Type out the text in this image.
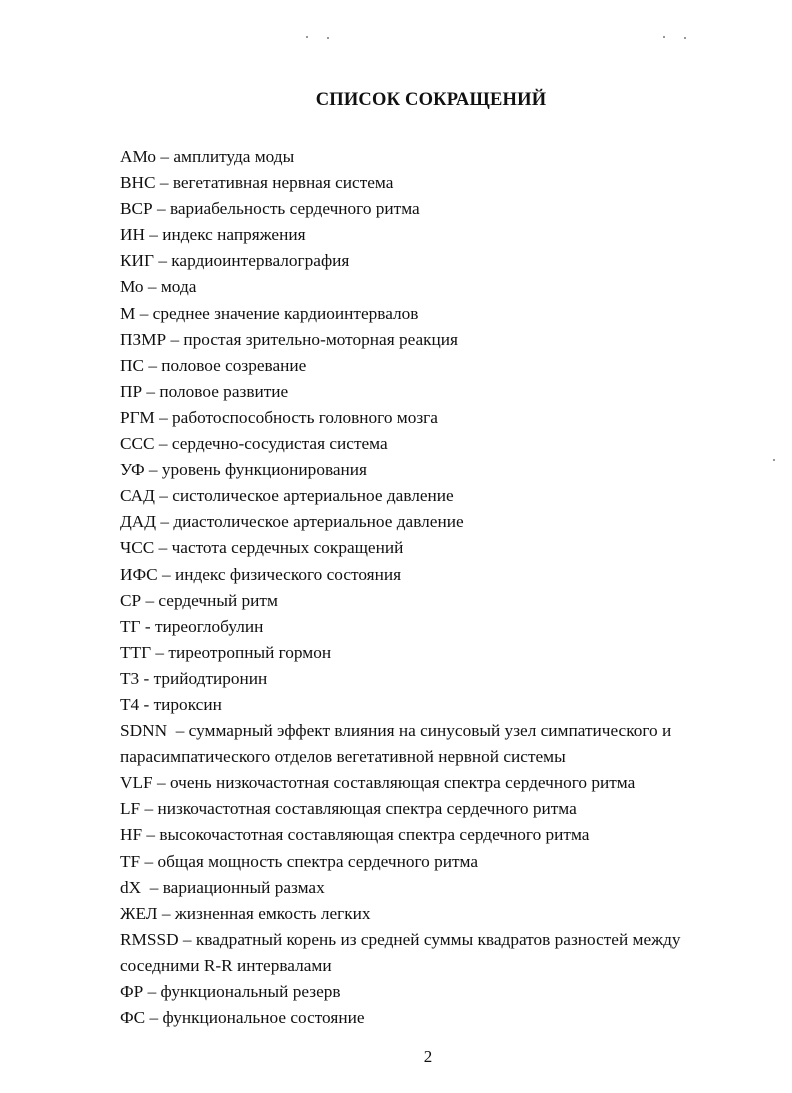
СПИСОК СОКРАЩЕНИЙ
АМо – амплитуда моды
ВНС – вегетативная нервная система
ВСР – вариабельность сердечного ритма
ИН – индекс напряжения
КИГ – кардиоинтервалография
Мо – мода
М – среднее значение кардиоинтервалов
ПЗМР – простая зрительно-моторная реакция
ПС – половое созревание
ПР – половое развитие
РГМ – работоспособность головного мозга
ССС – сердечно-сосудистая система
УФ – уровень функционирования
САД – систолическое артериальное давление
ДАД – диастолическое артериальное давление
ЧСС – частота сердечных сокращений
ИФС – индекс физического состояния
СР – сердечный ритм
ТГ - тиреоглобулин
ТТГ – тиреотропный гормон
Т3 - трийодтиронин
Т4 - тироксин
SDNN  – суммарный эффект влияния на синусовый узел симпатического и парасимпатического отделов вегетативной нервной системы
VLF – очень низкочастотная составляющая спектра сердечного ритма
LF – низкочастотная составляющая спектра сердечного ритма
HF – высокочастотная составляющая спектра сердечного ритма
TF – общая мощность спектра сердечного ритма
dX  – вариационный размах
ЖЕЛ – жизненная емкость легких
RMSSD – квадратный корень из средней суммы квадратов разностей между соседними R-R интервалами
ФР – функциональный резерв
ФС – функциональное состояние
2
